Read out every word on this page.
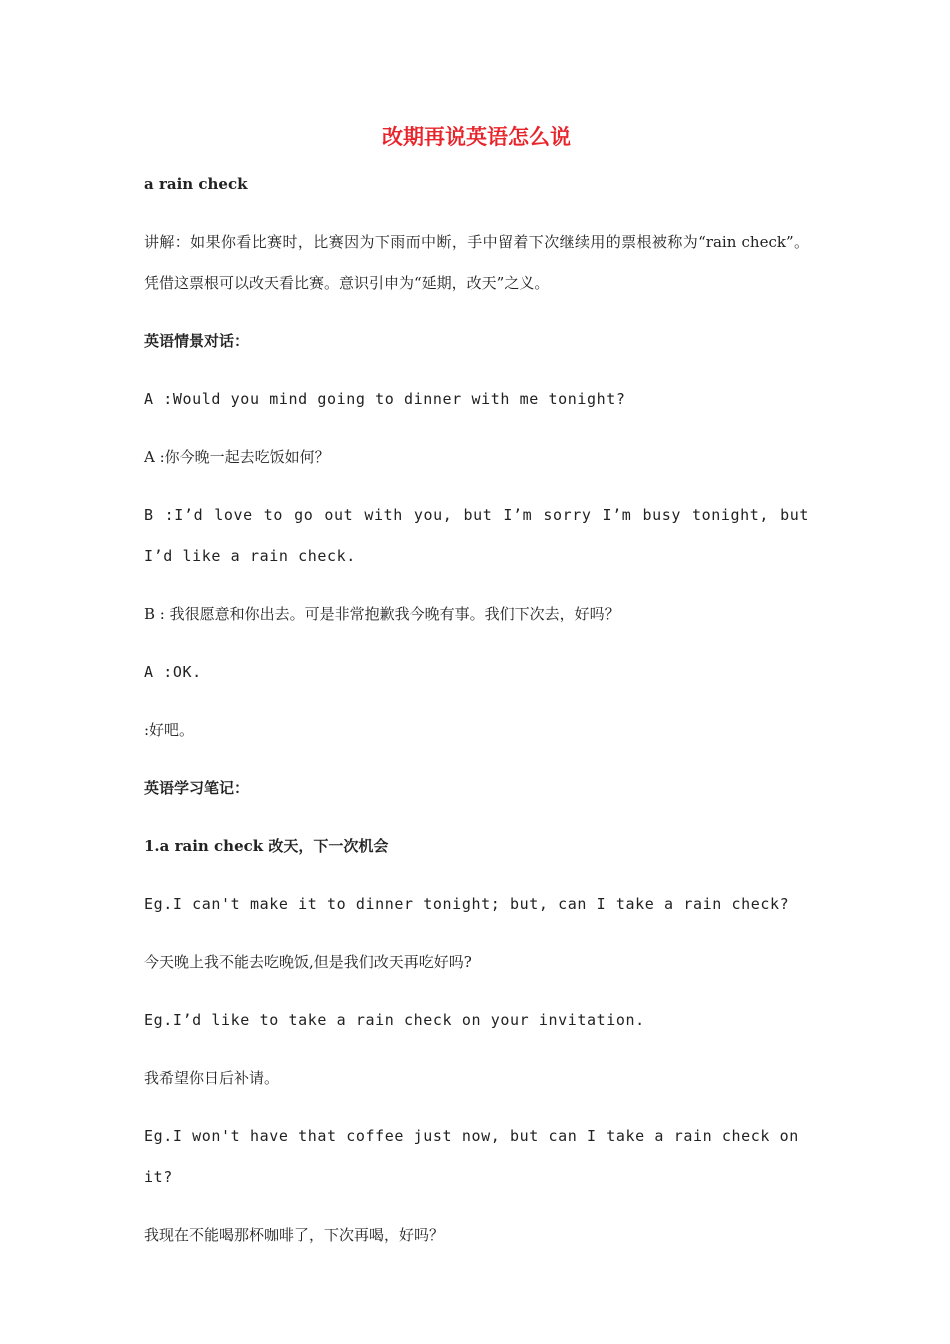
改期再说英语怎么说

a rain check

讲解：如果你看比赛时，比赛因为下雨而中断，手中留着下次继续用的票根被称为“rain check”。凭借这票根可以改天看比赛。意识引申为“延期，改天”之义。

英语情景对话：

A :Would you mind going to dinner with me tonight?

A :你今晚一起去吃饭如何？

B :I’d love to go out with you, but I’m sorry I’m busy tonight, but I’d like a rain check.

B : 我很愿意和你出去。可是非常抱歉我今晚有事。我们下次去，好吗？

A :OK.

:好吧。

英语学习笔记：

1.a rain check 改天，下一次机会

Eg.I can't make it to dinner tonight; but, can I take a rain check?

今天晚上我不能去吃晚饭,但是我们改天再吃好吗?

Eg.I’d like to take a rain check on your invitation.

我希望你日后补请。

Eg.I won't have that coffee just now, but can I take a rain check on it?

我现在不能喝那杯咖啡了，下次再喝，好吗？
